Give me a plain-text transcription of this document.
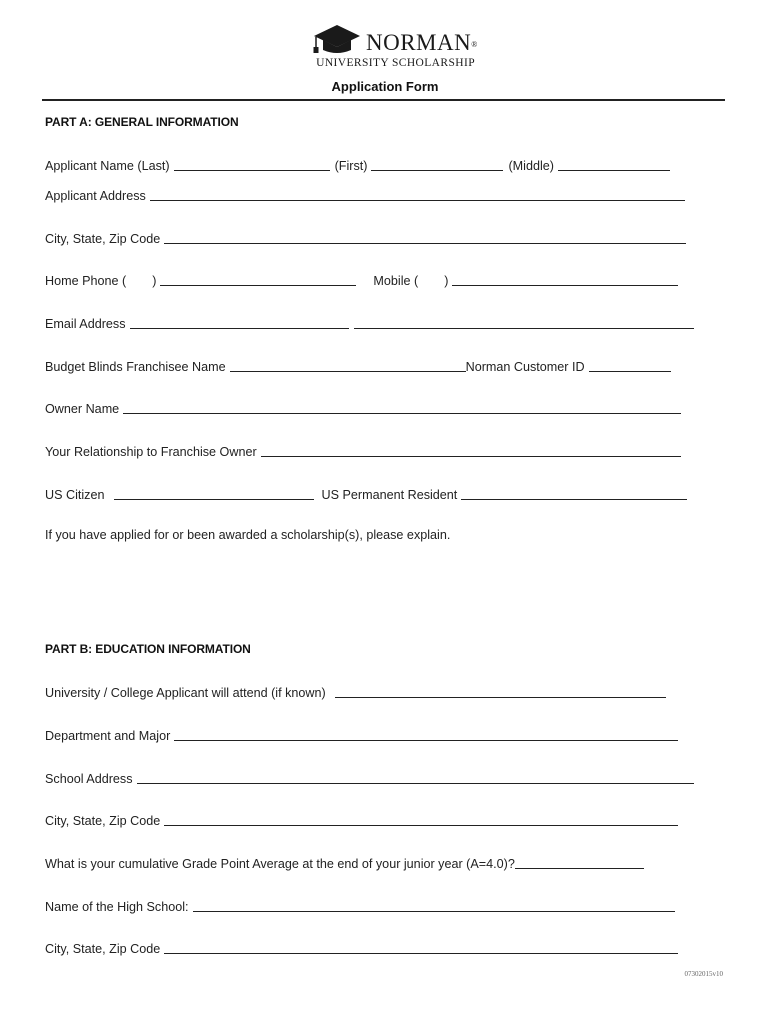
NORMAN®
UNIVERSITY SCHOLARSHIP
Application Form
PART A: GENERAL INFORMATION
Applicant Name (Last)	(First)	(Middle)
Applicant Address
City, State, Zip Code
Home Phone (	)	Mobile (	)
Email Address
Budget Blinds Franchisee Name	Norman Customer ID
Owner Name
Your Relationship to Franchise Owner
US Citizen	US Permanent Resident
If you have applied for or been awarded a scholarship(s), please explain.
PART B: EDUCATION INFORMATION
University / College Applicant will attend (if known)
Department and Major
School Address
City, State, Zip Code
What is your cumulative Grade Point Average at the end of your junior year (A=4.0)?
Name of the High School:
City, State, Zip Code
07302015v10
